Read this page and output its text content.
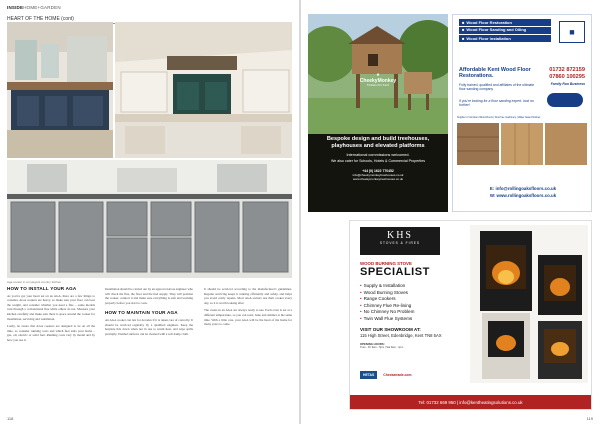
INSIDEHOME+GARDEN
HEART OF THE HOME (cont)
Aga cooker in an elegant country kitchen
HOW TO INSTALL YOUR AGA

As you've got your heart set on an AGA, there are a few things to consider. AGA cookers are heavy, so make sure your floor can bear the weight, and consider whether you need a flue – some models vent through a conventional flue while others do not. Measure your kitchen carefully and make sure there is space around the cooker for installation, servicing and ventilation.

Lastly, be aware that AGA cookers are designed to be on all the time, so consider running costs and which fuel suits your home – gas, oil, electric or solid fuel. Running costs vary by model and by how you use it.

Installation should be carried out by an approved AGA engineer who will check the flue, the floor and the fuel supply. They will position the cooker, connect it and make sure everything is safe and working properly before you start to cook.

HOW TO MAINTAIN YOUR AGA

An AGA cooker can last for decades if it is taken care of correctly. It should be serviced regularly by a qualified engineer. Keep the hotplate lids down when not in use to retain heat, and wipe spills promptly. Enamel surfaces can be cleaned with a soft damp cloth.

It should be serviced according to the manufacturer's guidelines. Regular servicing keeps it running efficiently and safely, and helps you avoid costly repairs. Most AGA owners use their cooker every day, so it is worth looking after.

The ovens in an AGA are always ready to use. Each oven is set at a different temperature, so you can roast, bake and simmer at the same time. With a little care, your AGA will be the heart of the home for many years to come.

118
●
CheekyMonkey
TREEHOUSES
Bespoke design and build treehouses, playhouses and elevated platforms
International commissions welcomed.
We also cater for Schools, Hotels & Commercial Properties
+44 (0) 1622 770452
info@cheekymonkeytreehouses.co.uk
www.cheekymonkeytreehouses.co.uk
■ Wood Floor Restoration
■ Wood Floor Sanding and Oiling
■ Wood Floor Installation
■
Affordable Kent Wood Floor Restorations.
01732 872159
07860 100295
Family Run Business
Fully trained, qualified and affiliates of the ultimate floor sanding company
If you're looking for a floor sanding expert, look no further!
Supplier of Junckers Wood Floors | Dust free machinery | Water based finishes
E: info@rollingoaksfloors.co.uk
W: www.rollingoaksfloors.co.uk
KHS
STOVES & FIRES
WOOD BURNING STOVE
SPECIALIST
• Supply & Installation
• Wood Burning Stoves
• Range Cookers
• Chimney Flue Re-lining
• No Chimney No Problem
• Twin Wall Flue Systems
VISIT OUR SHOWROOM AT:
115 High Street, Edenbridge, Kent TN8 5AX
OPENING HOURS:
Tues - Fri 9am - 5pm | Sat 9am - 1pm
HETAS	Checkatrade.com
Tel: 01732 669 950 | info@kentheatingsolutions.co.uk
119
